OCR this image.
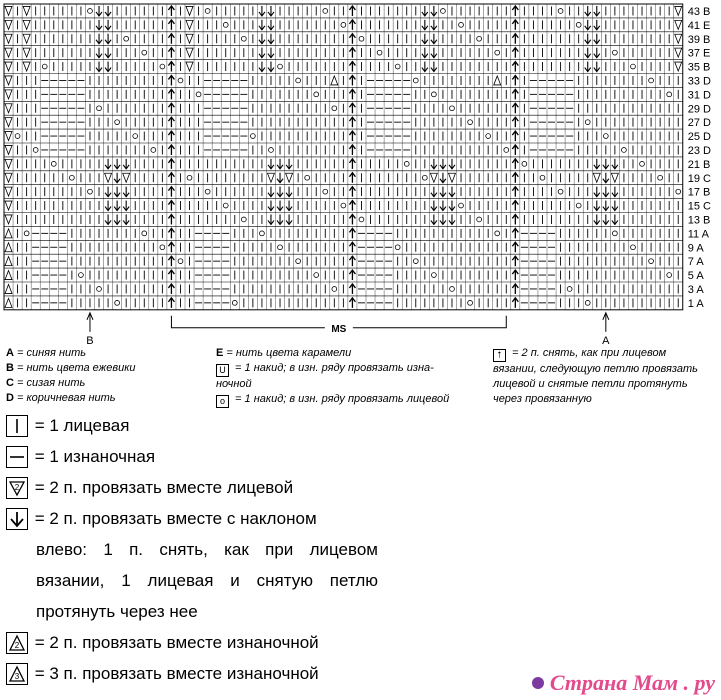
43 B
41 E
39 B
37 E
35 B
33 D
31 D
29 D
27 D
25 D
23 D
21 B
19 C
17 B
15 C
13 B
11 A
9 A
7 A
5 A
3 A
1 A
B	A
MS
A = синяя нить
B = нить цвета ежевики
C = сизая нить
D = коричневая нить
E = нить цвета карамели
U = 1 накид; в изн. ряду провязать изна-
ночной
o = 1 накид; в изн. ряду провязать лицевой
⭡ = 2 п. снять, как при лицевом
вязании, следующую петлю провязать
лицевой и снятые петли протянуть
через провязанную
= 1 лицевая
= 1 изнаночная
2 = 2 п. провязать вместе лицевой
= 2 п. провязать вместе с наклоном
влево: 1 п. снять, как при лицевом
вязании, 1 лицевая и снятую петлю
протянуть через нее
2 = 2 п. провязать вместе изнаночной
3 = 3 п. провязать вместе изнаночной	Страна Мам . ру
